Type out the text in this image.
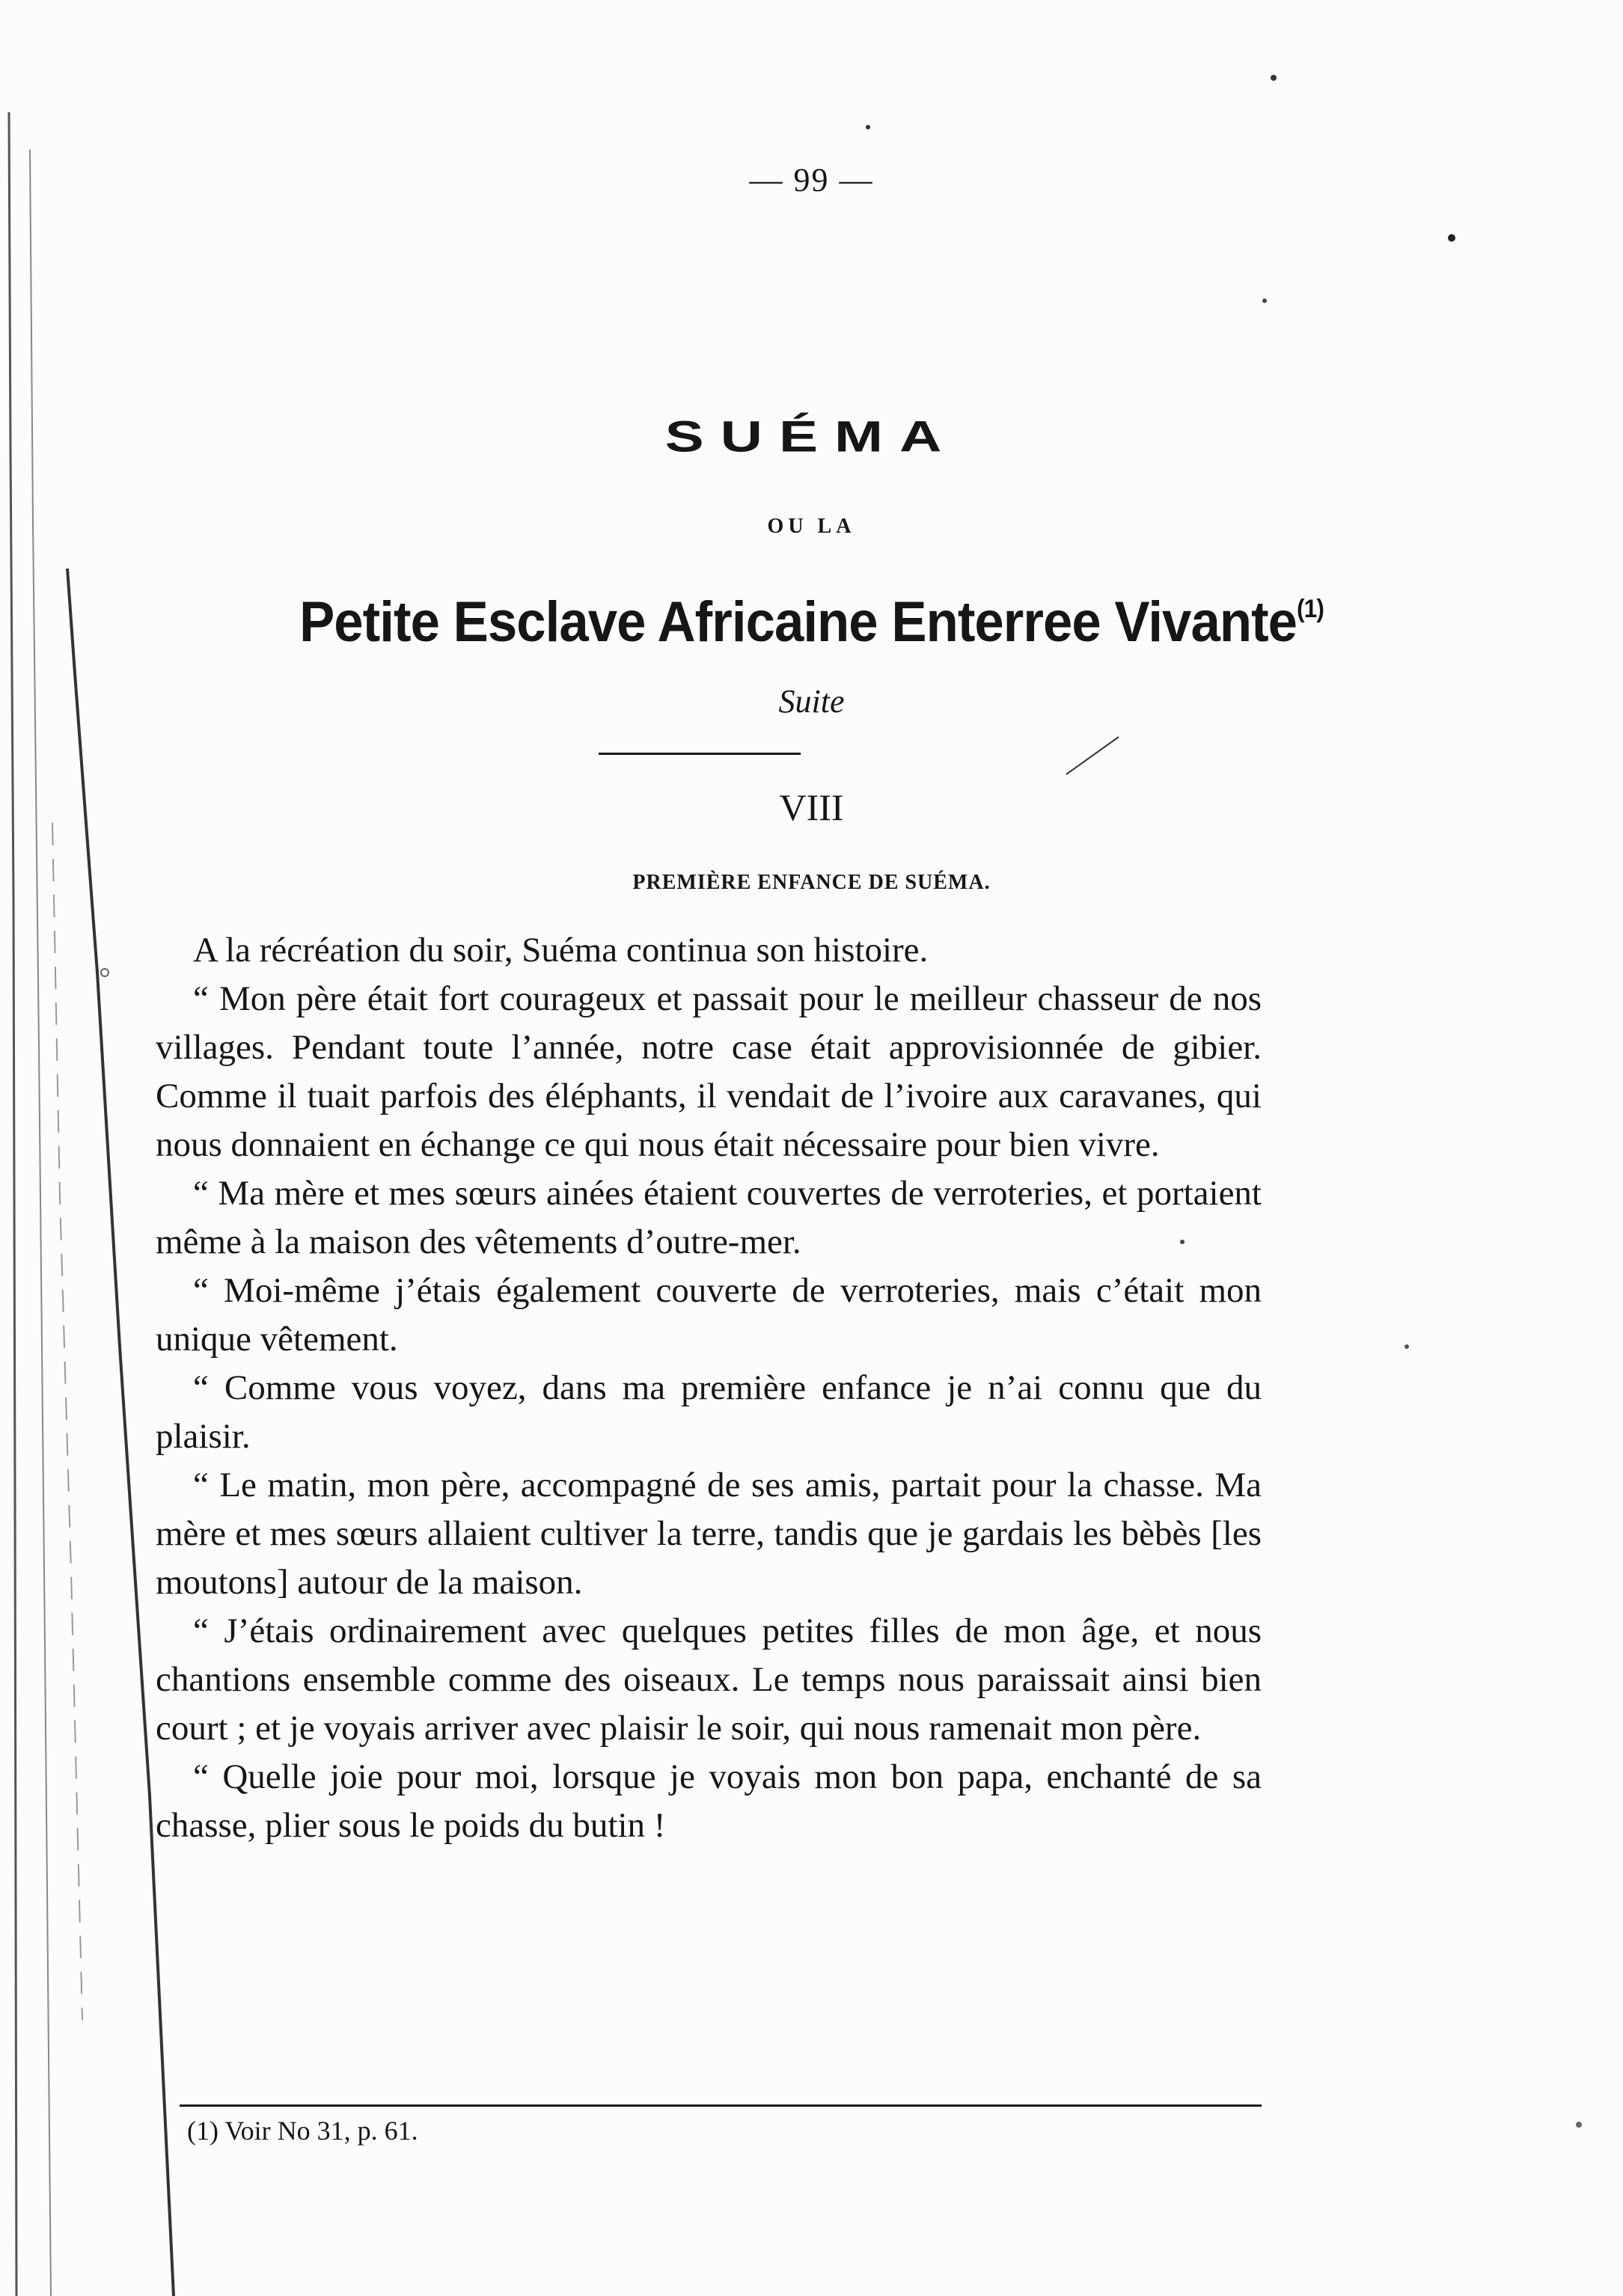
— 99 —
SUÉMA
OU LA
Petite Esclave Africaine Enterree Vivante$^{(1)}$
Suite
VIII
PREMIÈRE ENFANCE DE SUÉMA.

A la récréation du soir, Suéma continua son histoire.

“ Mon père était fort courageux et passait pour le meilleur chasseur de nos villages. Pendant toute l’année, notre case était approvisionnée de gibier. Comme il tuait parfois des éléphants, il vendait de l’ivoire aux caravanes, qui nous donnaient en échange ce qui nous était nécessaire pour bien vivre.

“ Ma mère et mes sœurs ainées étaient couvertes de verroteries, et portaient même à la maison des vêtements d’outre-mer.

“ Moi-même j’étais également couverte de verroteries, mais c’était mon unique vêtement.

“ Comme vous voyez, dans ma première enfance je n’ai connu que du plaisir.

“ Le matin, mon père, accompagné de ses amis, partait pour la chasse. Ma mère et mes sœurs allaient cultiver la terre, tandis que je gardais les bèbès [les moutons] autour de la maison.

“ J’étais ordinairement avec quelques petites filles de mon âge, et nous chantions ensemble comme des oiseaux. Le temps nous paraissait ainsi bien court ; et je voyais arriver avec plaisir le soir, qui nous ramenait mon père.

“ Quelle joie pour moi, lorsque je voyais mon bon papa, enchanté de sa chasse, plier sous le poids du butin !

(1) Voir No 31, p. 61.
